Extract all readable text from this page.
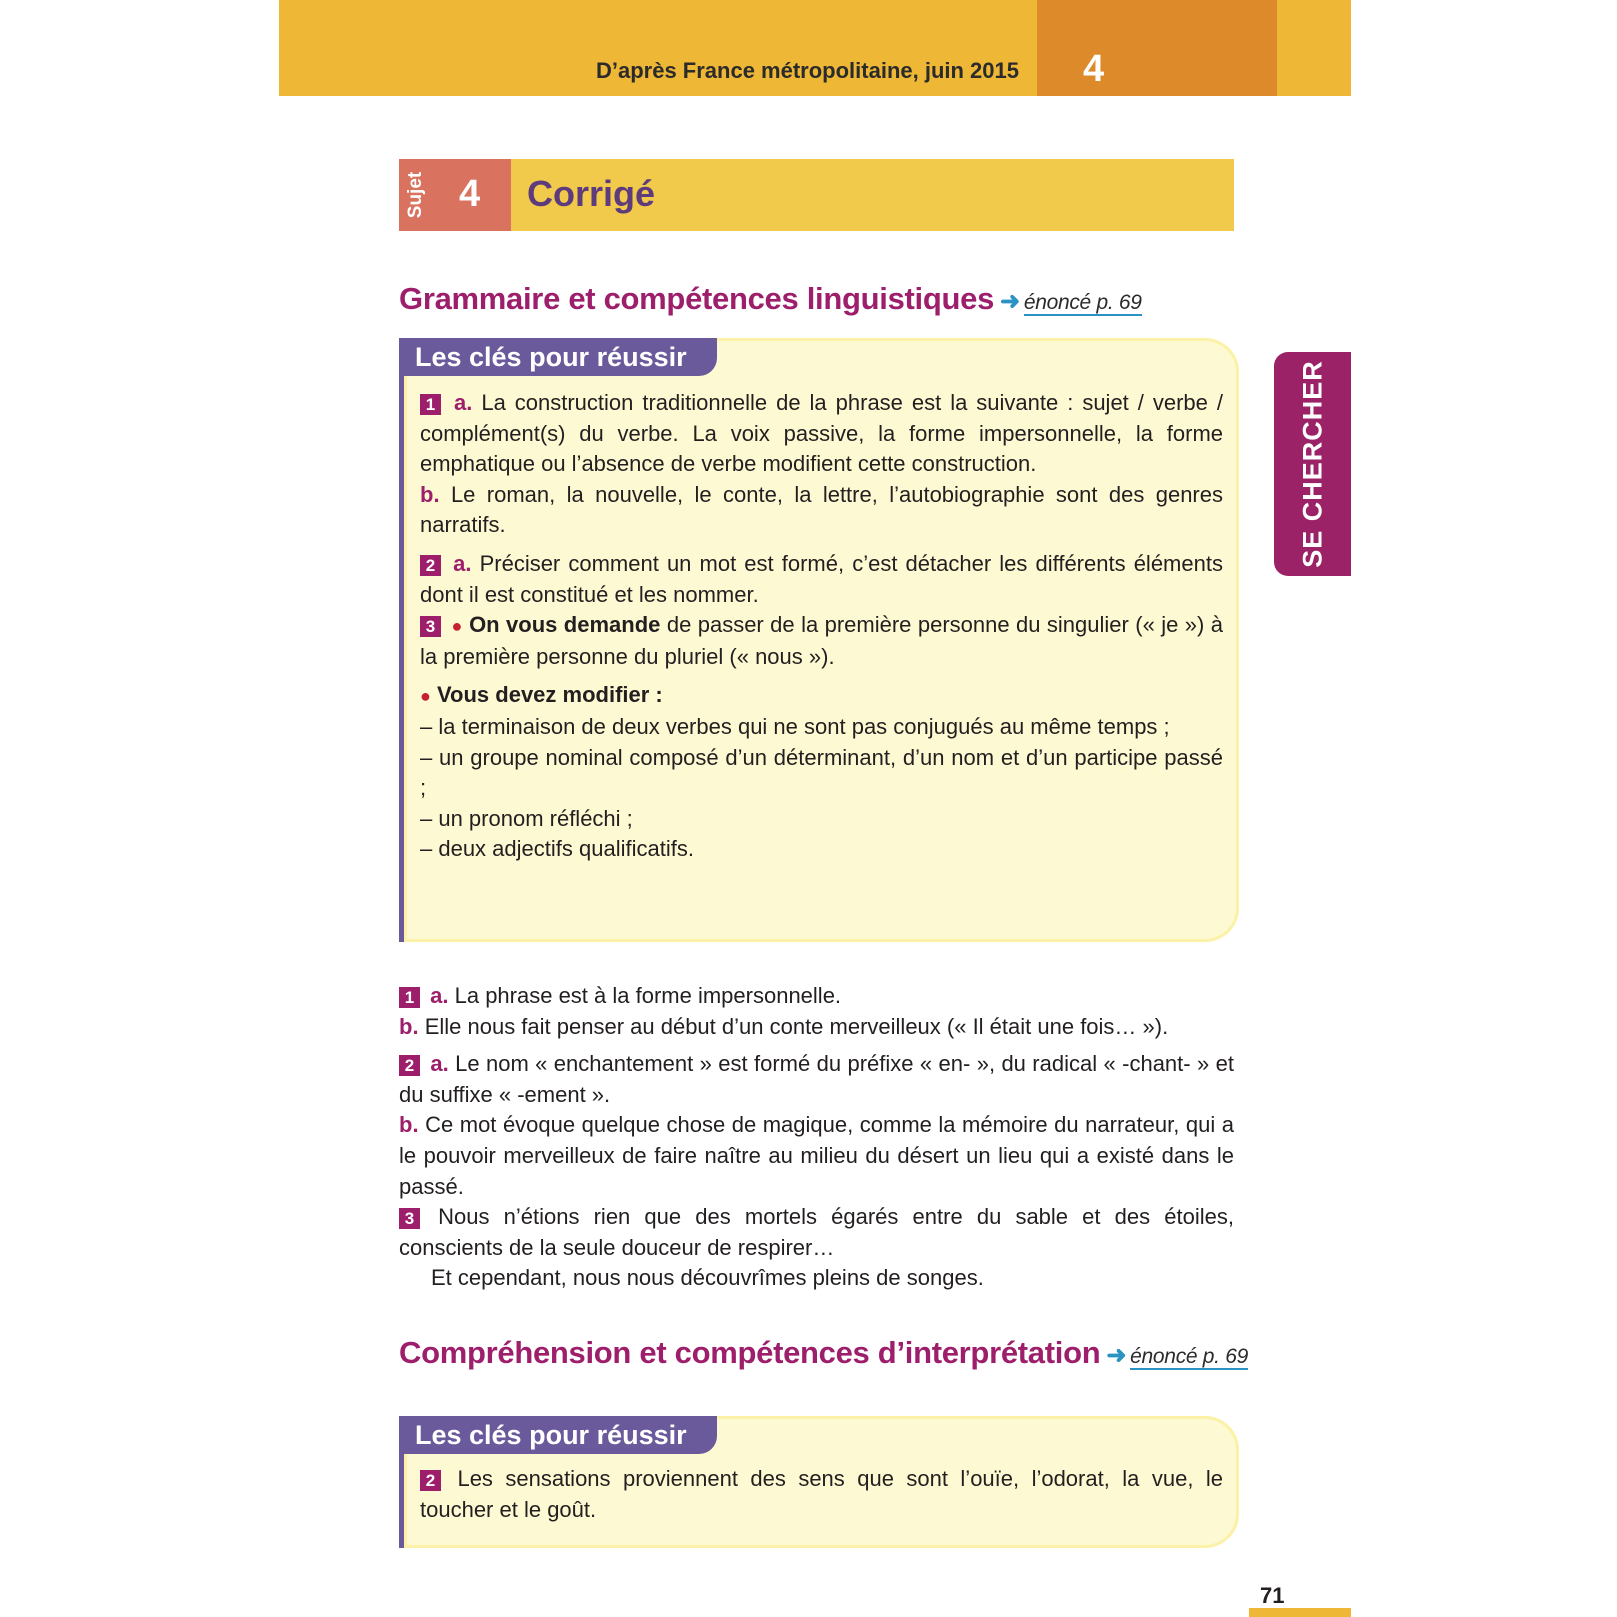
D’après France métropolitaine, juin 2015
Corrigé
4
Sujet 4 Corrigé
SE CHERCHER
Grammaire et compétences linguistiques ➜ énoncé p. 69
Les clés pour réussir

1 a. La construction traditionnelle de la phrase est la suivante : sujet / verbe / complément(s) du verbe. La voix passive, la forme impersonnelle, la forme emphatique ou l’absence de verbe modifient cette construction.

b. Le roman, la nouvelle, le conte, la lettre, l’autobiographie sont des genres narratifs.

2 a. Préciser comment un mot est formé, c’est détacher les différents éléments dont il est constitué et les nommer.

3 ● On vous demande de passer de la première personne du singulier (« je ») à la première personne du pluriel (« nous »).

● Vous devez modifier :

– la terminaison de deux verbes qui ne sont pas conjugués au même temps ;

– un groupe nominal composé d’un déterminant, d’un nom et d’un participe passé ;

– un pronom réfléchi ;

– deux adjectifs qualificatifs.

1 a. La phrase est à la forme impersonnelle.

b. Elle nous fait penser au début d’un conte merveilleux (« Il était une fois… »).

2 a. Le nom « enchantement » est formé du préfixe « en- », du radical « -chant- » et du suffixe « -ement ».

b. Ce mot évoque quelque chose de magique, comme la mémoire du narrateur, qui a le pouvoir merveilleux de faire naître au milieu du désert un lieu qui a existé dans le passé.

3 Nous n’étions rien que des mortels égarés entre du sable et des étoiles, conscients de la seule douceur de respirer…

Et cependant, nous nous découvrîmes pleins de songes.

Compréhension et compétences d’interprétation ➜ énoncé p. 69
Les clés pour réussir

2 Les sensations proviennent des sens que sont l’ouïe, l’odorat, la vue, le toucher et le goût.

71
